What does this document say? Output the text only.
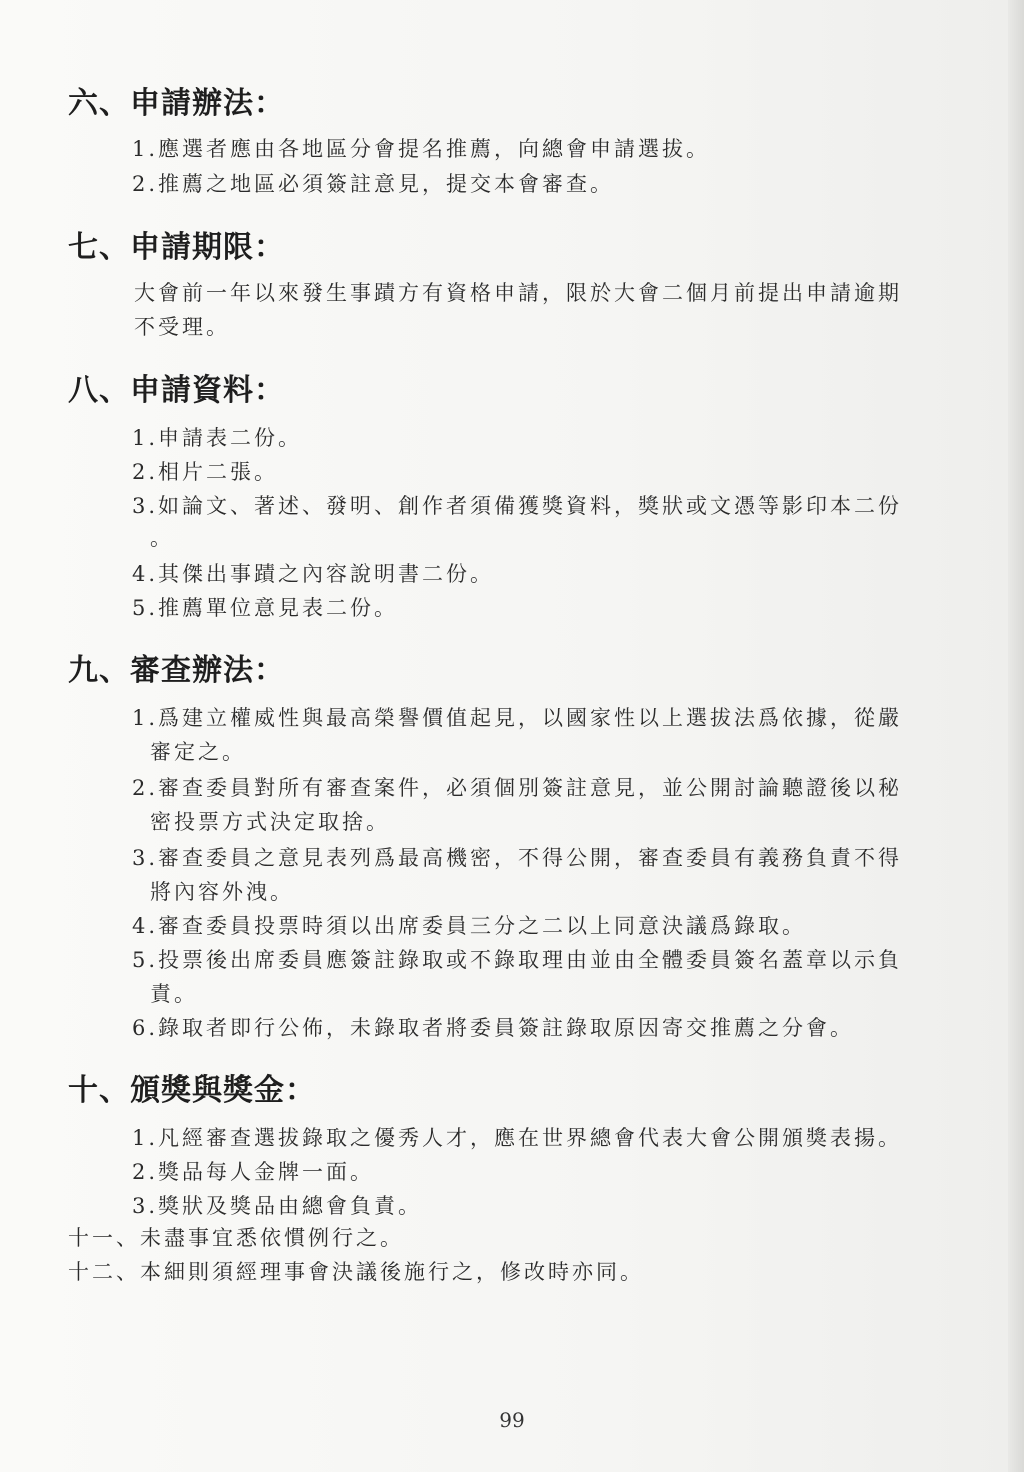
六、申請辦法：
1.應選者應由各地區分會提名推薦，向總會申請選拔。
2.推薦之地區必須簽註意見，提交本會審查。
七、申請期限：
大會前一年以來發生事蹟方有資格申請，限於大會二個月前提出申請逾期
不受理。
八、申請資料：
1.申請表二份。
2.相片二張。
3.如論文、著述、發明、創作者須備獲獎資料，獎狀或文憑等影印本二份
。
4.其傑出事蹟之內容說明書二份。
5.推薦單位意見表二份。
九、審查辦法：
1.爲建立權威性與最高榮譽價值起見，以國家性以上選拔法爲依據，從嚴
審定之。
2.審查委員對所有審查案件，必須個別簽註意見，並公開討論聽證後以秘
密投票方式決定取捨。
3.審查委員之意見表列爲最高機密，不得公開，審查委員有義務負責不得
將內容外洩。
4.審查委員投票時須以出席委員三分之二以上同意決議爲錄取。
5.投票後出席委員應簽註錄取或不錄取理由並由全體委員簽名蓋章以示負
責。
6.錄取者即行公佈，未錄取者將委員簽註錄取原因寄交推薦之分會。
十、頒獎與獎金：
1.凡經審查選拔錄取之優秀人才，應在世界總會代表大會公開頒獎表揚。
2.獎品每人金牌一面。
3.獎狀及獎品由總會負責。
十一、未盡事宜悉依慣例行之。
十二、本細則須經理事會決議後施行之，修改時亦同。
99
